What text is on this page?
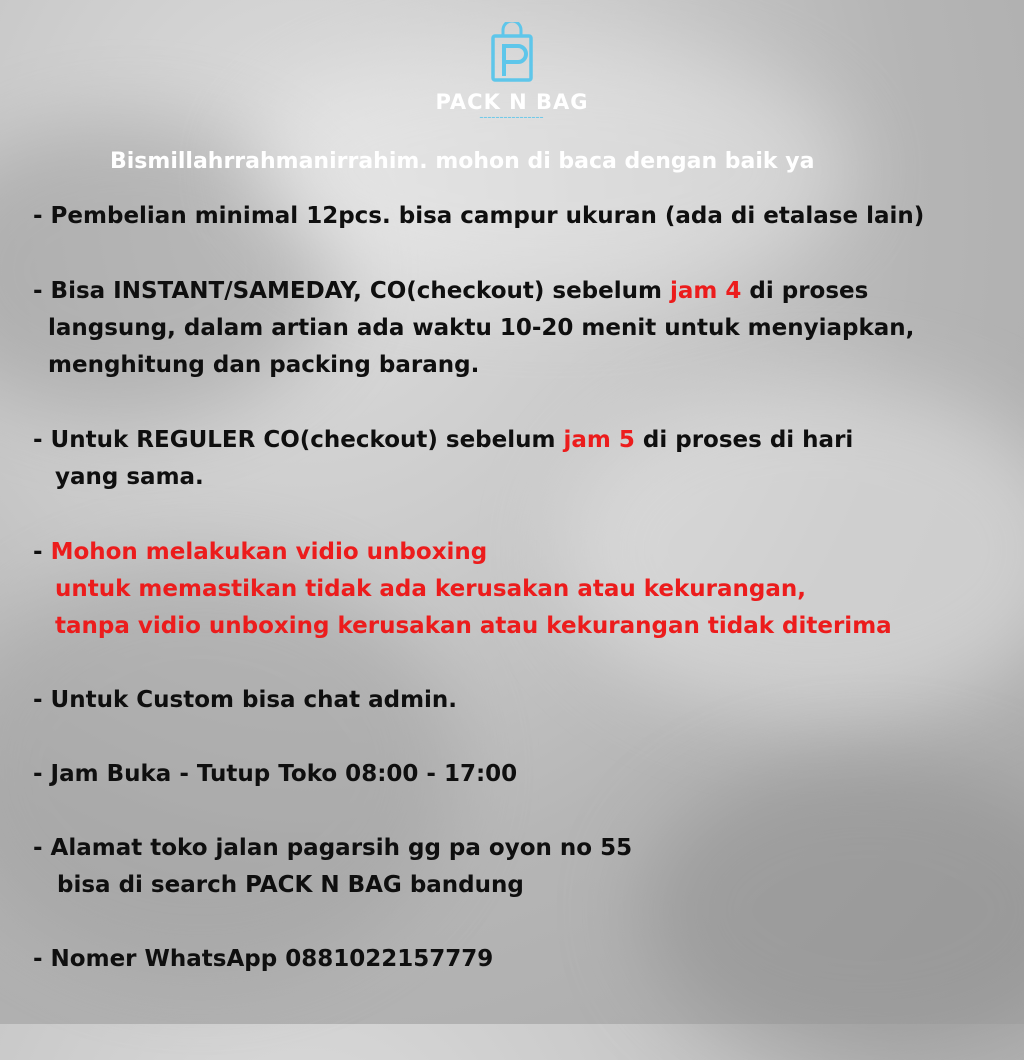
PACK N BAG
━━━━━━━━━━━━━━━━
Bismillahrrahmanirrahim. mohon di baca dengan baik ya
- Pembelian minimal 12pcs. bisa campur ukuran (ada di etalase lain)
- Bisa INSTANT/SAMEDAY, CO(checkout) sebelum jam 4 di proses
langsung, dalam artian ada waktu 10-20 menit untuk menyiapkan,
menghitung dan packing barang.
- Untuk REGULER CO(checkout) sebelum jam 5 di proses di hari
yang sama.
- Mohon melakukan vidio unboxing
untuk memastikan tidak ada kerusakan atau kekurangan,
tanpa vidio unboxing kerusakan atau kekurangan tidak diterima
- Untuk Custom bisa chat admin.
- Jam Buka - Tutup Toko 08:00 - 17:00
- Alamat toko jalan pagarsih gg pa oyon no 55
bisa di search PACK N BAG bandung
- Nomer WhatsApp 0881022157779
